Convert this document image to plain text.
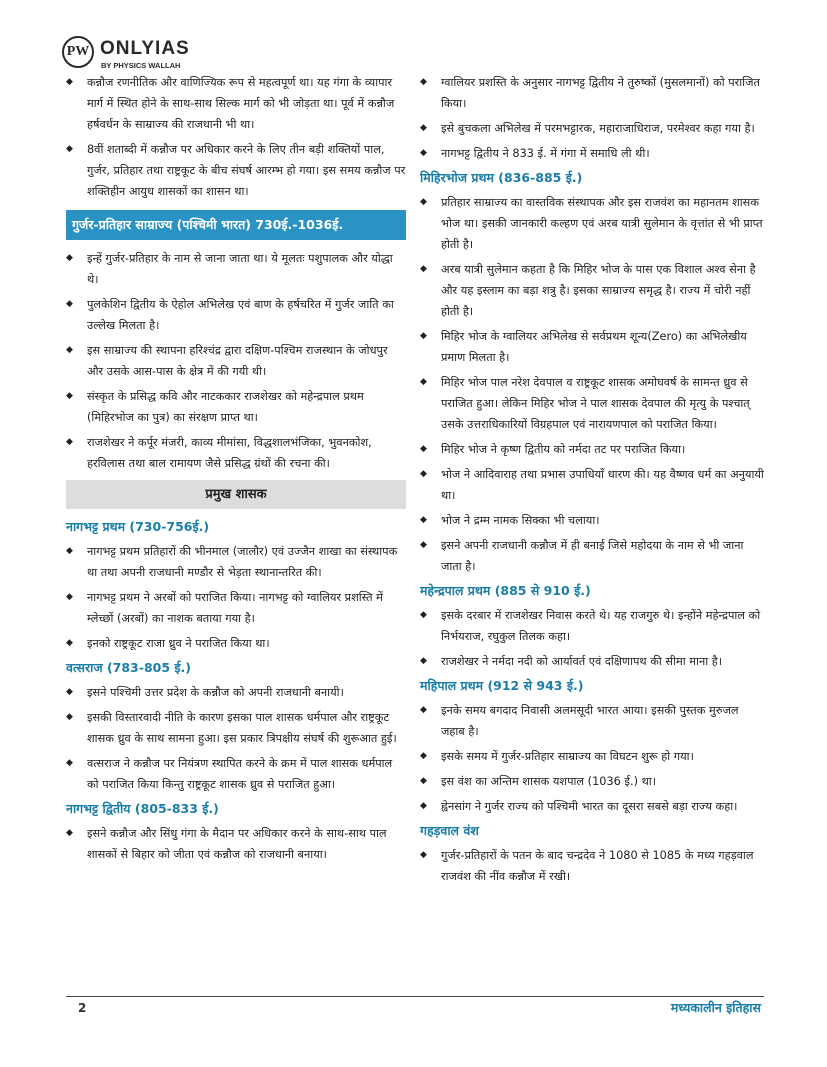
PW ONLYIAS
BY PHYSICS WALLAH
◆ कन्नौज रणनीतिक और वाणिज्यिक रूप से महत्वपूर्ण था। यह गंगा के व्यापार मार्ग में स्थित होने के साथ-साथ सिल्क मार्ग को भी जोड़ता था। पूर्व में कन्नौज हर्षवर्धन के साम्राज्य की राजधानी भी था।
◆ 8वीं शताब्दी में कन्नौज पर अधिकार करने के लिए तीन बड़ी शक्तियों पाल, गुर्जर, प्रतिहार तथा राष्ट्रकूट के बीच संघर्ष आरम्भ हो गया। इस समय कन्नौज पर शक्तिहीन आयुध शासकों का शासन था।
गुर्जर-प्रतिहार साम्राज्य (पश्चिमी भारत) 730ई.-1036ई.
◆ इन्हें गुर्जर-प्रतिहार के नाम से जाना जाता था। ये मूलतः पशुपालक और योद्धा थे।
◆ पुलकेशिन द्वितीय के ऐहोल अभिलेख एवं बाण के हर्षचरित में गुर्जर जाति का उल्लेख मिलता है।
◆ इस साम्राज्य की स्थापना हरिश्चंद्र द्वारा दक्षिण-पश्चिम राजस्थान के जोधपुर और उसके आस-पास के क्षेत्र में की गयी थी।
◆ संस्कृत के प्रसिद्ध कवि और नाटककार राजशेखर को महेन्द्रपाल प्रथम (मिहिरभोज का पुत्र) का संरक्षण प्राप्त था।
◆ राजशेखर ने कर्पूर मंजरी, काव्य मीमांसा, विद्धशालभंजिका, भुवनकोश, हरविलास तथा बाल रामायण जैसे प्रसिद्ध ग्रंथों की रचना की।
प्रमुख शासक
नागभट्ट प्रथम (730-756ई.)
◆ नागभट्ट प्रथम प्रतिहारों की भीनमाल (जालौर) एवं उज्जैन शाखा का संस्थापक था तथा अपनी राजधानी मण्डौर से भेड़ता स्थानान्तरित की।
◆ नागभट्ट प्रथम ने अरबों को पराजित किया। नागभट्ट को ग्वालियर प्रशस्ति में म्लेच्छों (अरबों) का नाशक बताया गया है।
◆ इनको राष्ट्रकूट राजा ध्रुव ने पराजित किया था।
वत्सराज (783-805 ई.)
◆ इसने पश्चिमी उत्तर प्रदेश के कन्नौज को अपनी राजधानी बनायी।
◆ इसकी विस्तारवादी नीति के कारण इसका पाल शासक धर्मपाल और राष्ट्रकूट शासक ध्रुव के साथ सामना हुआ। इस प्रकार त्रिपक्षीय संघर्ष की शुरूआत हुई।
◆ वत्सराज ने कन्नौज पर नियंत्रण स्थापित करने के क्रम में पाल शासक धर्मपाल को पराजित किया किन्तु राष्ट्रकूट शासक ध्रुव से पराजित हुआ।
नागभट्ट द्वितीय (805-833 ई.)
◆ इसने कन्नौज और सिंधु गंगा के मैदान पर अधिकार करने के साथ-साथ पाल शासकों से बिहार को जीता एवं कन्नौज को राजधानी बनाया।
◆ ग्वालियर प्रशस्ति के अनुसार नागभट्ट द्वितीय ने तुरुष्कों (मुसलमानों) को पराजित किया।
◆ इसे बुचकला अभिलेख में परमभट्टारक, महाराजाधिराज, परमेश्वर कहा गया है।
◆ नागभट्ट द्वितीय ने 833 ई. में गंगा में समाधि ली थी।
मिहिरभोज प्रथम (836-885 ई.)
◆ प्रतिहार साम्राज्य का वास्तविक संस्थापक और इस राजवंश का महानतम शासक भोज था। इसकी जानकारी कल्हण एवं अरब यात्री सुलेमान के वृत्तांत से भी प्राप्त होती है।
◆ अरब यात्री सुलेमान कहता है कि मिहिर भोज के पास एक विशाल अश्व सेना है और यह इस्लाम का बड़ा शत्रु है। इसका साम्राज्य समृद्ध है। राज्य में चोरी नहीं होती है।
◆ मिहिर भोज के ग्वालियर अभिलेख से सर्वप्रथम शून्य(Zero) का अभिलेखीय प्रमाण मिलता है।
◆ मिहिर भोज पाल नरेश देवपाल व राष्ट्रकूट शासक अमोघवर्ष के सामन्त ध्रुव से पराजित हुआ। लेकिन मिहिर भोज ने पाल शासक देवपाल की मृत्यु के पश्चात् उसके उत्तराधिकारियों विग्रहपाल एवं नारायणपाल को पराजित किया।
◆ मिहिर भोज ने कृष्ण द्वितीय को नर्मदा तट पर पराजित किया।
◆ भोज ने आदिवाराह तथा प्रभास उपाधियाँ धारण की। यह वैष्णव धर्म का अनुयायी था।
◆ भोज ने द्रम्म नामक सिक्का भी चलाया।
◆ इसने अपनी राजधानी कन्नौज में ही बनाई जिसे महोदया के नाम से भी जाना जाता है।
महेन्द्रपाल प्रथम (885 से 910 ई.)
◆ इसके दरबार में राजशेखर निवास करते थे। यह राजगुरु थे। इन्होंने महेन्द्रपाल को निर्भयराज, रघुकुल तिलक कहा।
◆ राजशेखर ने नर्मदा नदी को आर्यावर्त एवं दक्षिणापथ की सीमा माना है।
महिपाल प्रथम (912 से 943 ई.)
◆ इनके समय बगदाद निवासी अलमसूदी भारत आया। इसकी पुस्तक मुरुजल जहाब है।
◆ इसके समय में गुर्जर-प्रतिहार साम्राज्य का विघटन शुरू हो गया।
◆ इस वंश का अन्तिम शासक यशपाल (1036 ई.) था।
◆ ह्वेनसांग ने गुर्जर राज्य को पश्चिमी भारत का दूसरा सबसे बड़ा राज्य कहा।
गहड़वाल वंश
◆ गुर्जर-प्रतिहारों के पतन के बाद चन्द्रदेव ने 1080 से 1085 के मध्य गहड़वाल राजवंश की नींव कन्नौज में रखी।
2	मध्यकालीन इतिहास
